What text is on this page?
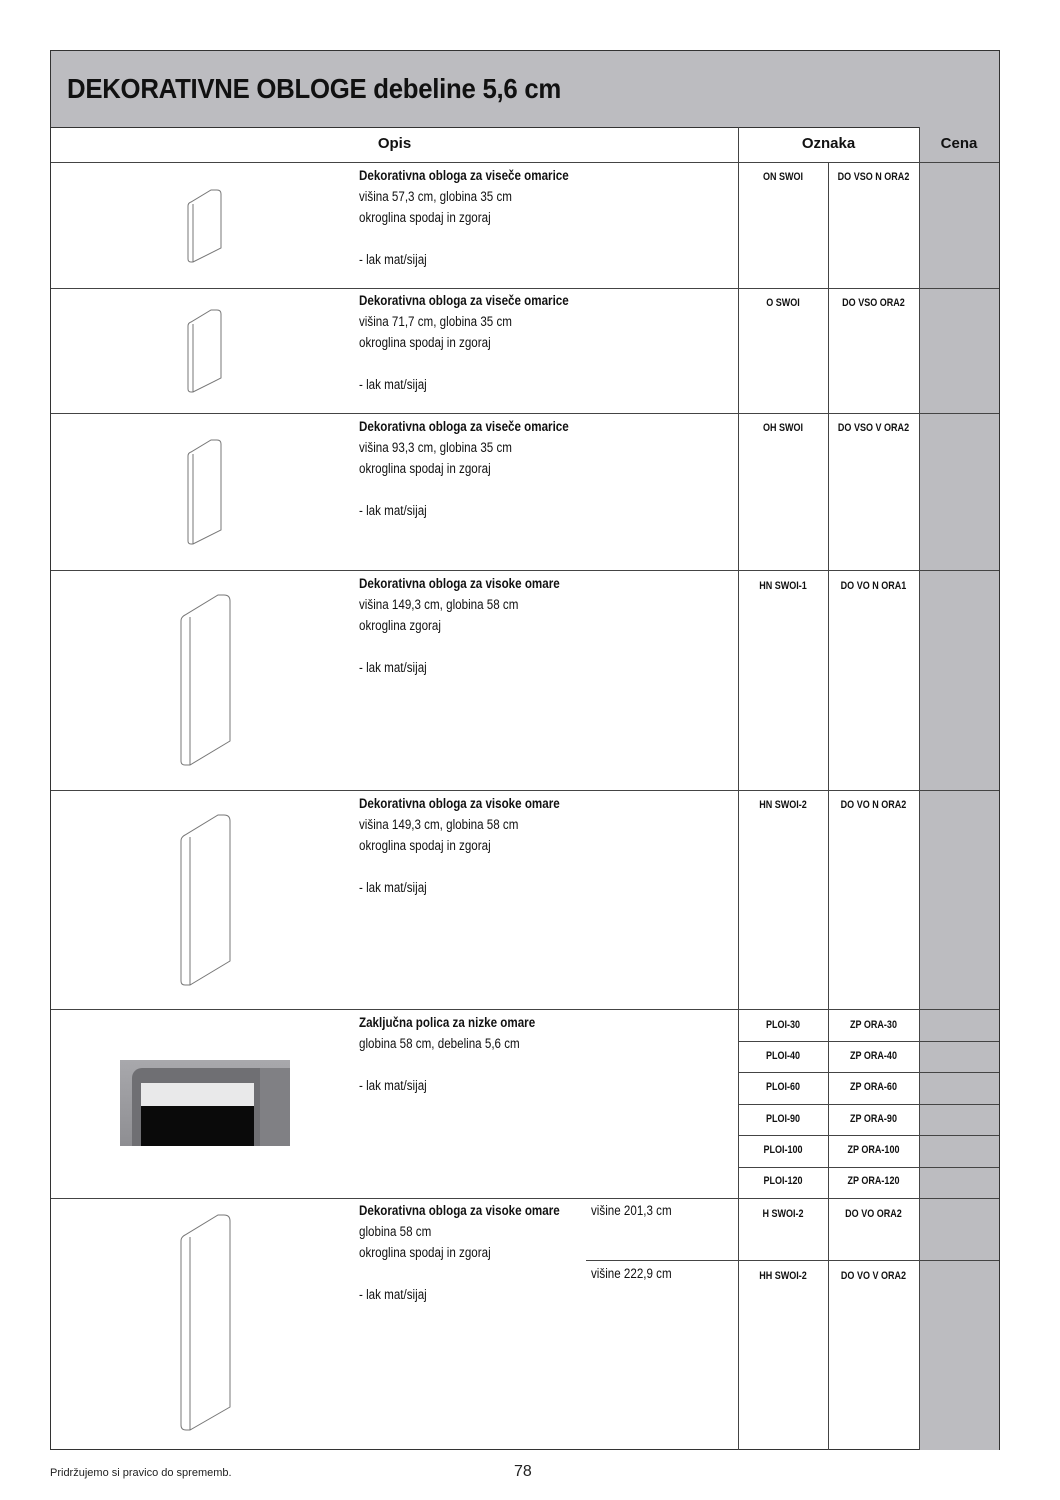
DEKORATIVNE OBLOGE debeline 5,6 cm
Opis	Oznaka	Cena
Dekorativna obloga za viseče omarice
višina 57,3 cm, globina 35 cm
okroglina spodaj in zgoraj

- lak mat/sijaj
ON SWOI	DO VSO N ORA2
Dekorativna obloga za viseče omarice
višina 71,7 cm, globina 35 cm
okroglina spodaj in zgoraj

- lak mat/sijaj
O SWOI	DO VSO ORA2
Dekorativna obloga za viseče omarice
višina 93,3 cm, globina 35 cm
okroglina spodaj in zgoraj

- lak mat/sijaj
OH SWOI	DO VSO V ORA2
Dekorativna obloga za visoke omare
višina 149,3 cm, globina 58 cm
okroglina zgoraj

- lak mat/sijaj
HN SWOI-1	DO VO N ORA1
Dekorativna obloga za visoke omare
višina 149,3 cm, globina 58 cm
okroglina spodaj in zgoraj

- lak mat/sijaj
HN SWOI-2	DO VO N ORA2
Zaključna polica za nizke omare
globina 58 cm, debelina 5,6 cm

- lak mat/sijaj
PLOI-30	ZP ORA-30
PLOI-40	ZP ORA-40
PLOI-60	ZP ORA-60
PLOI-90	ZP ORA-90
PLOI-100	ZP ORA-100
PLOI-120	ZP ORA-120
Dekorativna obloga za visoke omare
globina 58 cm
okroglina spodaj in zgoraj

- lak mat/sijaj
višine 201,3 cm
višine 222,9 cm
H SWOI-2	DO VO ORA2
HH SWOI-2	DO VO V ORA2
Pridržujemo si pravico do sprememb.	78
